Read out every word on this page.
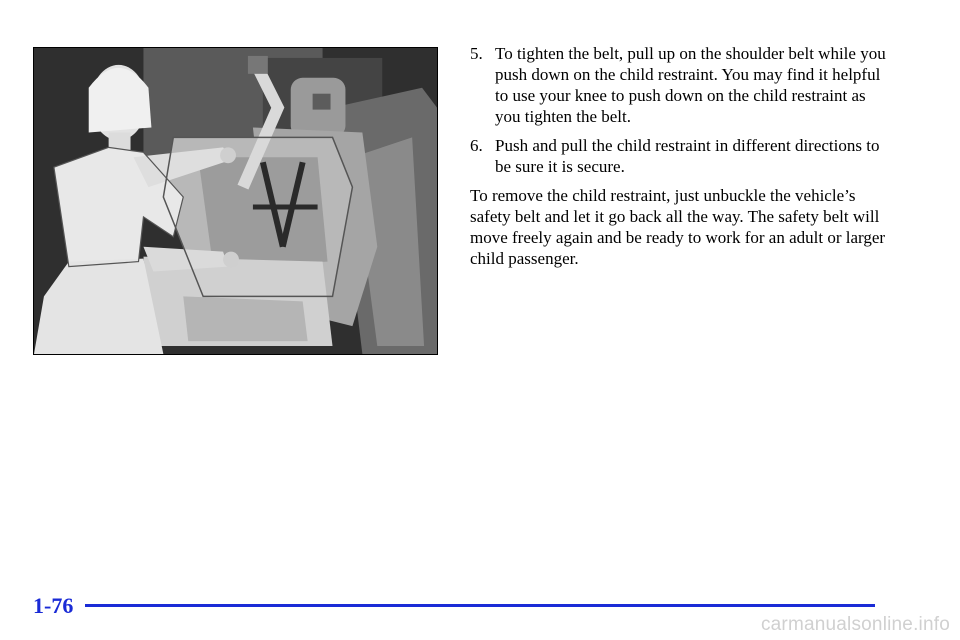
5. To tighten the belt, pull up on the shoulder belt while you push down on the child restraint. You may find it helpful to use your knee to push down on the child restraint as you tighten the belt.
6. Push and pull the child restraint in different directions to be sure it is secure.

To remove the child restraint, just unbuckle the vehicle’s safety belt and let it go back all the way. The safety belt will move freely again and be ready to work for an adult or larger child passenger.

1-76
carmanualsonline.info
